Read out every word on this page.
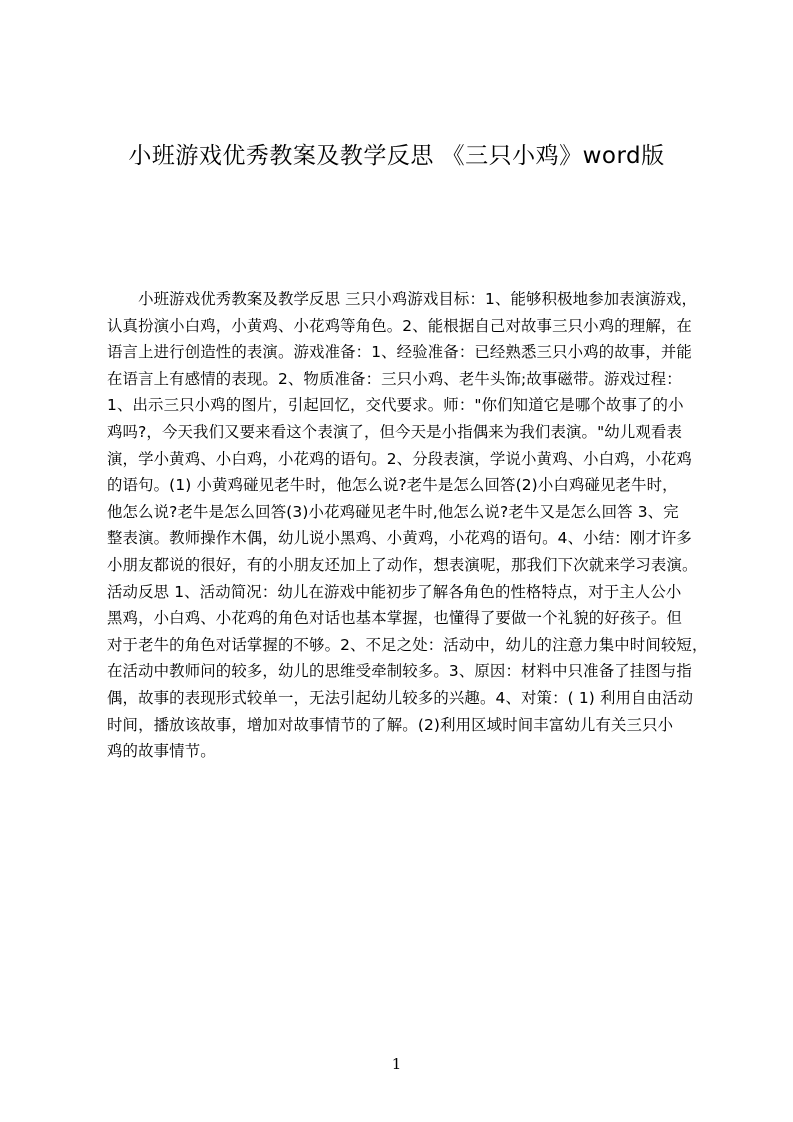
小班游戏优秀教案及教学反思 《三只小鸡》word版
　　小班游戏优秀教案及教学反思 三只小鸡游戏目标：1、能够积极地参加表演游戏，
认真扮演小白鸡，小黄鸡、小花鸡等角色。2、能根据自己对故事三只小鸡的理解，在
语言上进行创造性的表演。游戏准备：1、经验准备：已经熟悉三只小鸡的故事，并能
在语言上有感情的表现。2、物质准备：三只小鸡、老牛头饰;故事磁带。游戏过程：
1、出示三只小鸡的图片，引起回忆，交代要求。师："你们知道它是哪个故事了的小
鸡吗?，今天我们又要来看这个表演了，但今天是小指偶来为我们表演。"幼儿观看表
演，学小黄鸡、小白鸡，小花鸡的语句。2、分段表演，学说小黄鸡、小白鸡，小花鸡
的语句。(1) 小黄鸡碰见老牛时，他怎么说?老牛是怎么回答(2)小白鸡碰见老牛时，
他怎么说?老牛是怎么回答(3)小花鸡碰见老牛时,他怎么说?老牛又是怎么回答 3、完
整表演。教师操作木偶，幼儿说小黑鸡、小黄鸡，小花鸡的语句。4、小结：刚才许多
小朋友都说的很好，有的小朋友还加上了动作，想表演呢，那我们下次就来学习表演。
活动反思 1、活动简况：幼儿在游戏中能初步了解各角色的性格特点，对于主人公小
黑鸡，小白鸡、小花鸡的角色对话也基本掌握，也懂得了要做一个礼貌的好孩子。但
对于老牛的角色对话掌握的不够。2、不足之处：活动中，幼儿的注意力集中时间较短，
在活动中教师问的较多，幼儿的思维受牵制较多。3、原因：材料中只准备了挂图与指
偶，故事的表现形式较单一，无法引起幼儿较多的兴趣。4、对策：( 1) 利用自由活动
时间，播放该故事，增加对故事情节的了解。(2)利用区域时间丰富幼儿有关三只小
鸡的故事情节。
1
